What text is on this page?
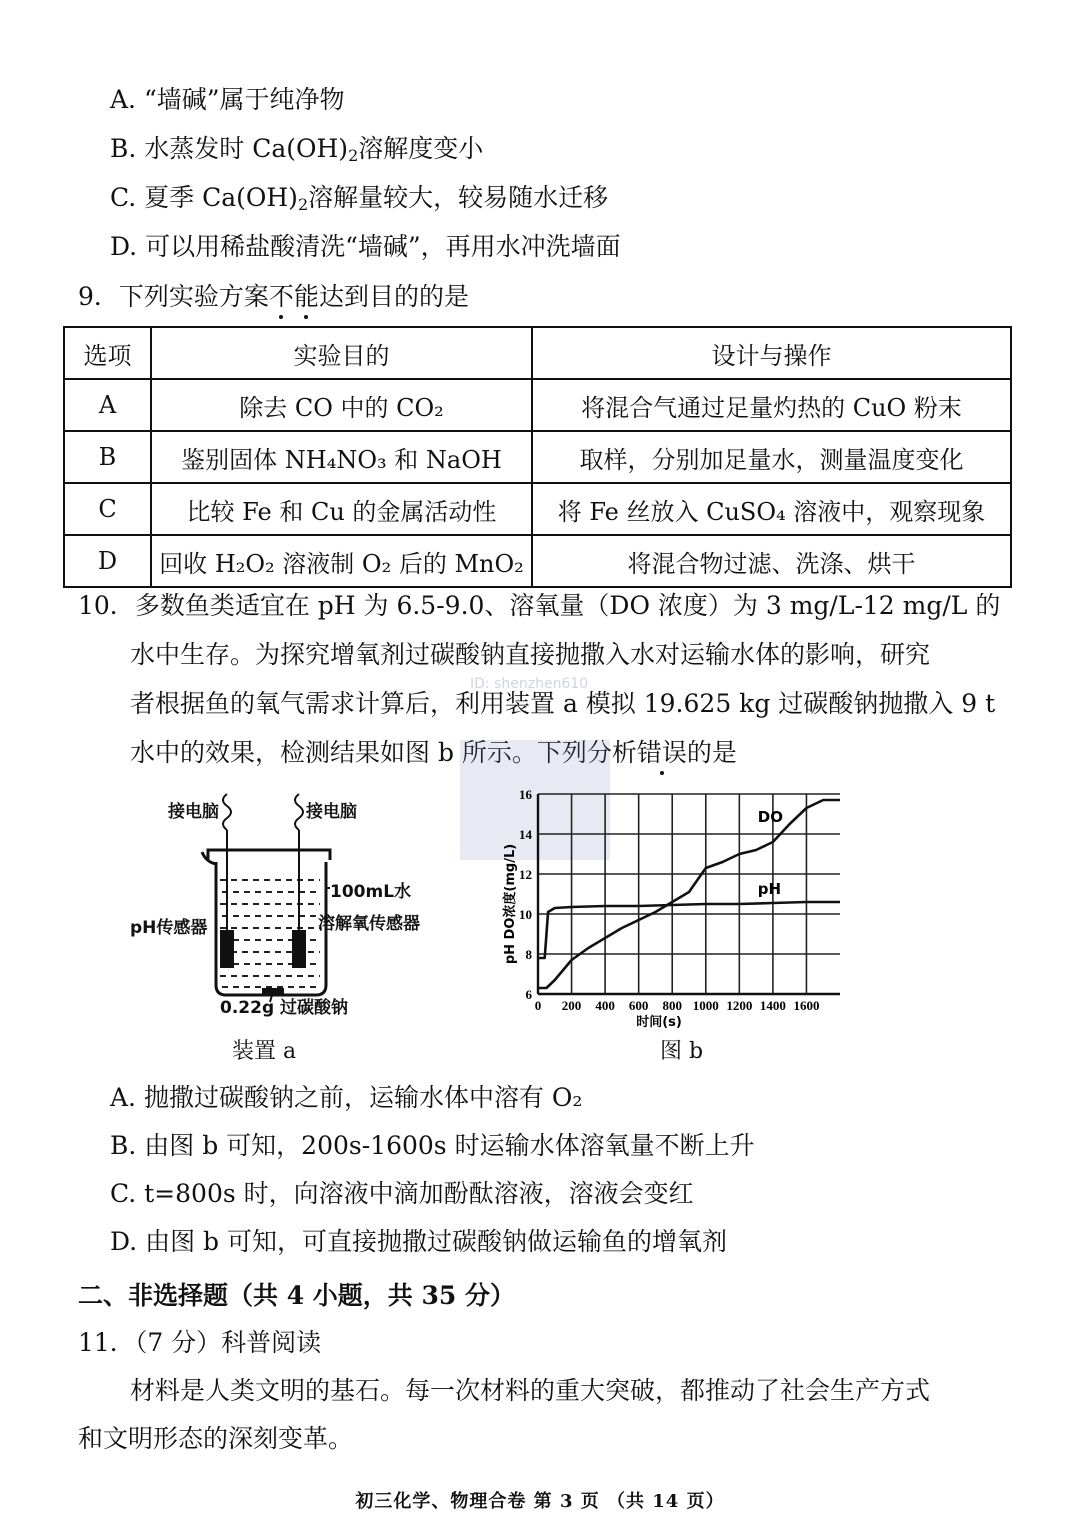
A. “墙碱”属于纯净物
B. 水蒸发时 $Ca(OH)_2$溶解度变小
C. 夏季 $Ca(OH)_2$溶解量较大，较易随水迁移
D. 可以用稀盐酸清洗“墙碱”，再用水冲洗墙面
9．下列实验方案不能达到目的的是
选项	实验目的	设计与操作
A	除去 CO 中的 CO₂	将混合气通过足量灼热的 CuO 粉末
B	鉴别固体 NH₄NO₃ 和 NaOH	取样，分别加足量水，测量温度变化
C	比较 Fe 和 Cu 的金属活动性	将 Fe 丝放入 CuSO₄ 溶液中，观察现象
D	回收 H₂O₂ 溶液制 O₂ 后的 MnO₂	将混合物过滤、洗涤、烘干
10．多数鱼类适宜在 pH 为 6.5-9.0、溶氧量（DO 浓度）为 3 mg/L-12 mg/L 的
水中生存。为探究增氧剂过碳酸钠直接抛撒入水对运输水体的影响，研究
者根据鱼的氧气需求计算后，利用装置 a 模拟 19.625 kg 过碳酸钠抛撒入 9 t
水中的效果，检测结果如图 b 所示。下列分析错误的是
ID: shenzhen610
接电脑	接电脑
100mL水
pH传感器	溶解氧传感器
0.22g 过碳酸钠
装置 a
0 200 400 600 800 1000 1200 1400 1600
6
8
10
12
14
16
时间(s)
pH DO浓度(mg/L)
DO
pH
图 b
A. 抛撒过碳酸钠之前，运输水体中溶有 O₂
B. 由图 b 可知，200s-1600s 时运输水体溶氧量不断上升
C. t=800s 时，向溶液中滴加酚酞溶液，溶液会变红
D. 由图 b 可知，可直接抛撒过碳酸钠做运输鱼的增氧剂
二、非选择题（共 4 小题，共 35 分）
11．（7 分）科普阅读
材料是人类文明的基石。每一次材料的重大突破，都推动了社会生产方式
和文明形态的深刻变革。
初三化学、物理合卷 第 3 页 （共 14 页）
